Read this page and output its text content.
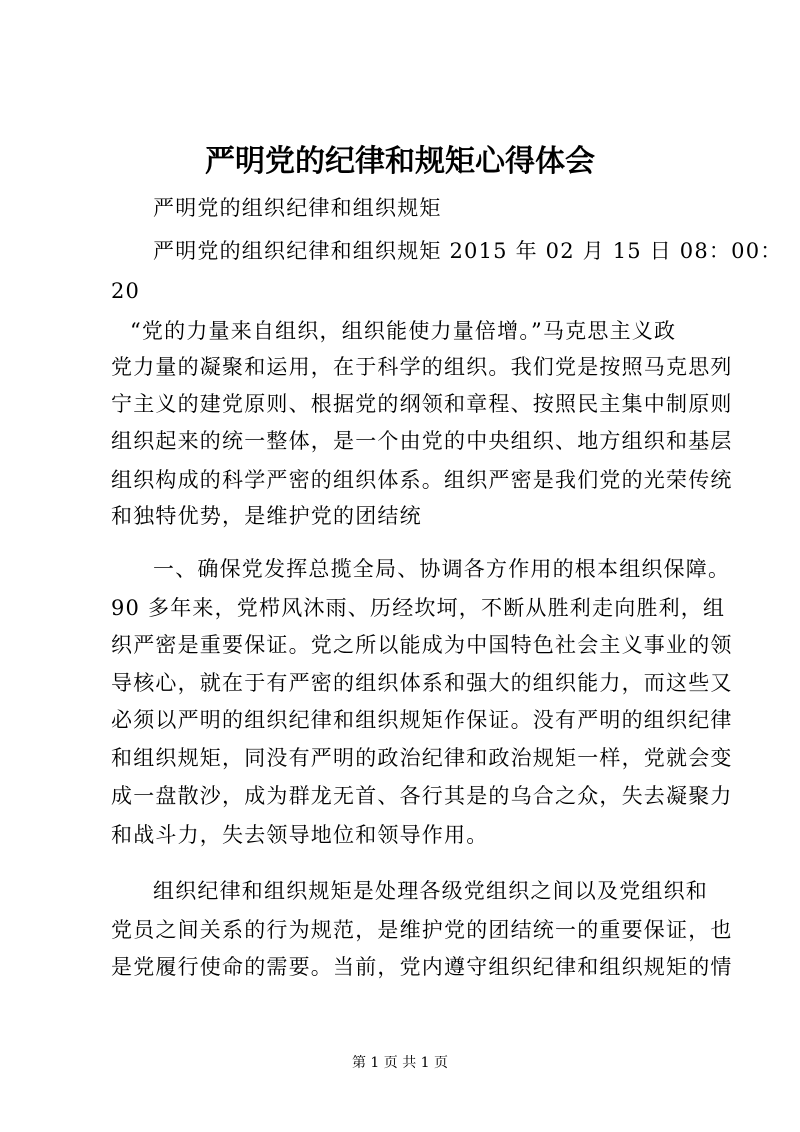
严明党的纪律和规矩心得体会
严明党的组织纪律和组织规矩
严明党的组织纪律和组织规矩 2015 年 02 月 15 日 08：00：
20
“党的力量来自组织，组织能使力量倍增。”马克思主义政
党力量的凝聚和运用，在于科学的组织。我们党是按照马克思列
宁主义的建党原则、根据党的纲领和章程、按照民主集中制原则
组织起来的统一整体，是一个由党的中央组织、地方组织和基层
组织构成的科学严密的组织体系。组织严密是我们党的光荣传统
和独特优势，是维护党的团结统
一、确保党发挥总揽全局、协调各方作用的根本组织保障。
90 多年来，党栉风沐雨、历经坎坷，不断从胜利走向胜利，组
织严密是重要保证。党之所以能成为中国特色社会主义事业的领
导核心，就在于有严密的组织体系和强大的组织能力，而这些又
必须以严明的组织纪律和组织规矩作保证。没有严明的组织纪律
和组织规矩，同没有严明的政治纪律和政治规矩一样，党就会变
成一盘散沙，成为群龙无首、各行其是的乌合之众，失去凝聚力
和战斗力，失去领导地位和领导作用。
组织纪律和组织规矩是处理各级党组织之间以及党组织和
党员之间关系的行为规范，是维护党的团结统一的重要保证，也
是党履行使命的需要。当前，党内遵守组织纪律和组织规矩的情
第 1 页 共 1 页
